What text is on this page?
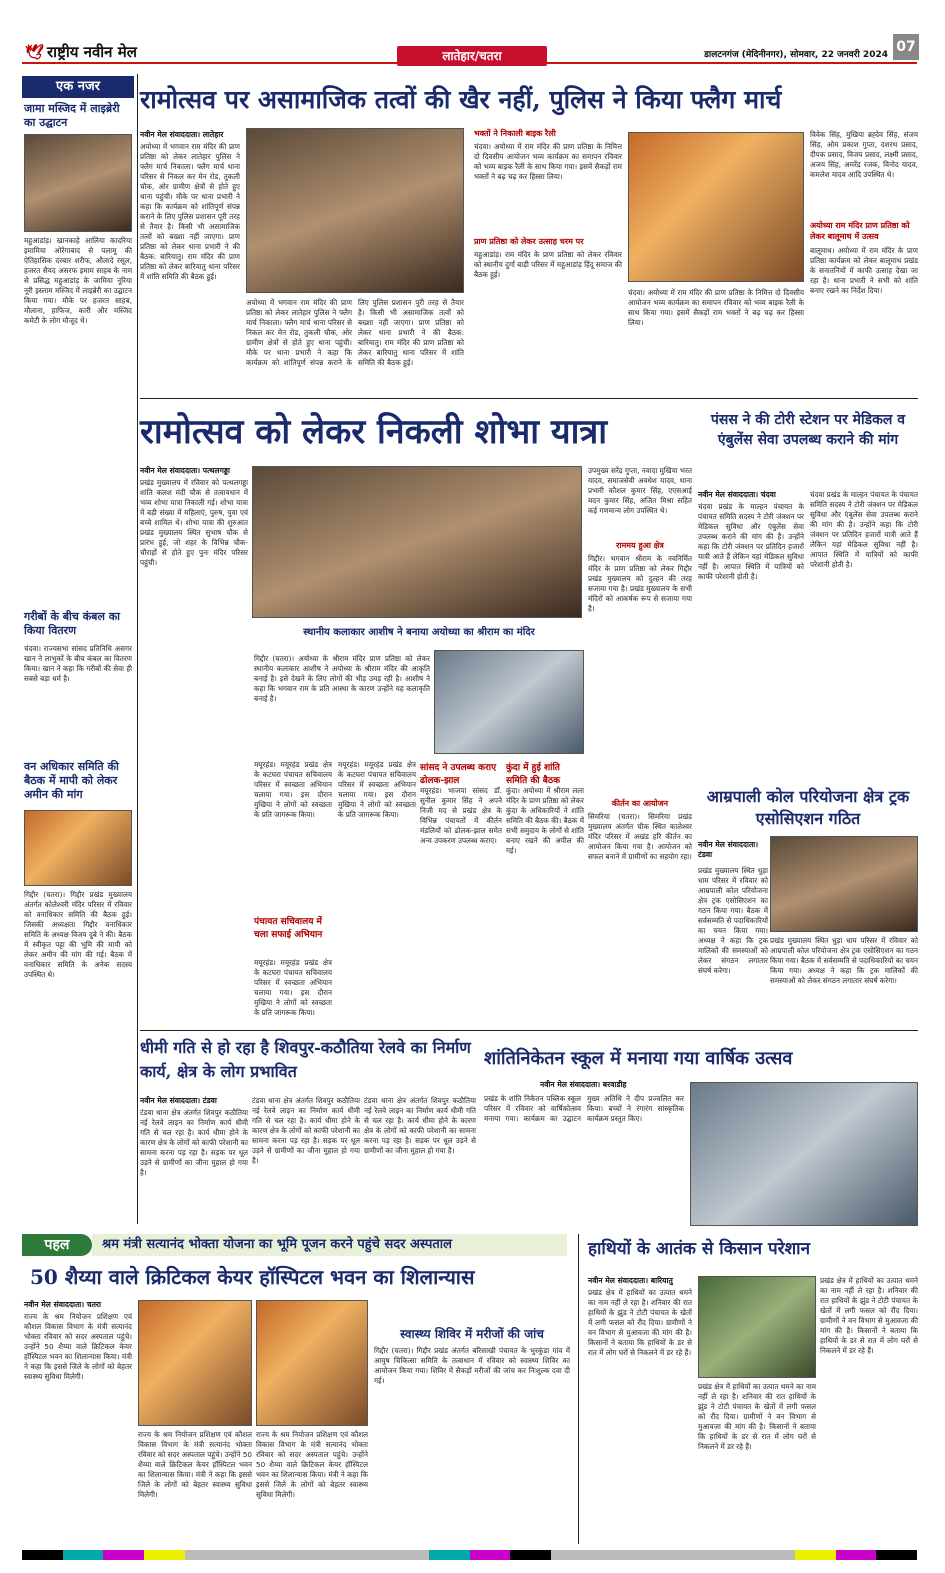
🕊 राष्ट्रीय नवीन मेल	लातेहार/चतरा	डालटनगंज (मेदिनीनगर), सोमवार, 22 जनवरी 2024 07
एक नजर
जामा मस्जिद में लाइब्रेरी का उद्घाटन
महुआडांड़। खानकाहे आलिया कादरिया इमामिया ओरेंगाबाद से पलामू की ऐतिहासिक दरबार शरीफ, औलादे रसूल, हजरत सैयद असरफ इमाम साहब के नाम से प्रसिद्ध महुआडांड़ के जामिया नूरिया नूरी इस्लाम मस्जिद में लाइब्रेरी का उद्घाटन किया गया। मौके पर हजरत साहब, मौलाना, हाफिज, कारी और मस्जिद कमेटी के लोग मौजूद थे।
गरीबों के बीच कंबल का किया वितरण
चंदवा। राज्यसभा सांसद प्रतिनिधि असगर खान ने लाभुकों के बीच कंबल का वितरण किया। खान ने कहा कि गरीबों की सेवा ही सबसे बड़ा धर्म है।
वन अधिकार समिति की बैठक में मापी को लेकर अमीन की मांग
गिद्दौर (चतरा)। गिद्दौर प्रखंड मुख्यालय अंतर्गत कोलेश्वरी मंदिर परिसर में रविवार को वनाधिकार समिति की बैठक हुई। जिसकी अध्यक्षता गिद्दौर वनाधिकार समिति के अध्यक्ष विजय दुबे ने की। बैठक में स्वीकृत पट्टा की भूमि की मापी को लेकर अमीन की मांग की गई। बैठक में वनाधिकार समिति के अनेक सदस्य उपस्थित थे।
रामोत्सव पर असामाजिक तत्वों की खैर नहीं, पुलिस ने किया फ्लैग मार्च
नवीन मेल संवाददाता। लातेहार
अयोध्या में भगवान राम मंदिर की प्राण प्रतिष्ठा को लेकर लातेहार पुलिस ने फ्लैग मार्च निकाला। फ्लैग मार्च थाना परिसर से निकल कर मेन रोड, तुकली चौक, ओर ग्रामीण क्षेत्रों से होते हुए थाना पहुंची। मौके पर थाना प्रभारी ने कहा कि कार्यक्रम को शांतिपूर्ण संपन्न कराने के लिए पुलिस प्रशासन पूरी तरह से तैयार है। किसी भी असामाजिक तत्वों को बख्शा नहीं जाएगा। प्राण प्रतिष्ठा को लेकर थाना प्रभारी ने की बैठक: बारियातु। राम मंदिर की प्राण प्रतिष्ठा को लेकर बारियातु थाना परिसर में शांति समिति की बैठक हुई।
अयोध्या में भगवान राम मंदिर की प्राण प्रतिष्ठा को लेकर लातेहार पुलिस ने फ्लैग मार्च निकाला। फ्लैग मार्च थाना परिसर से निकल कर मेन रोड, तुकली चौक, ओर ग्रामीण क्षेत्रों से होते हुए थाना पहुंची। मौके पर थाना प्रभारी ने कहा कि कार्यक्रम को शांतिपूर्ण संपन्न कराने के लिए पुलिस प्रशासन पूरी तरह से तैयार है। किसी भी असामाजिक तत्वों को बख्शा नहीं जाएगा। प्राण प्रतिष्ठा को लेकर थाना प्रभारी ने की बैठक: बारियातु। राम मंदिर की प्राण प्रतिष्ठा को लेकर बारियातु थाना परिसर में शांति समिति की बैठक हुई।
भक्तों ने निकाली बाइक रैली
चंदवा। अयोध्या में राम मंदिर की प्राण प्रतिष्ठा के निमित्त दो दिवसीय आयोजन भव्य कार्यक्रम का समापन रविवार को भव्य बाइक रैली के साथ किया गया। इसमें सैकड़ों राम भक्तों ने बढ़ चढ़ कर हिस्सा लिया।
प्राण प्रतिष्ठा को लेकर उत्साह चरम पर
महुआडांड़। राम मंदिर के प्राण प्रतिष्ठा को लेकर रविवार को स्थानीय दुर्गा बाड़ी परिसर में महुआडांड़ हिंदू समाज की बैठक हुई।
चंदवा। अयोध्या में राम मंदिर की प्राण प्रतिष्ठा के निमित्त दो दिवसीय आयोजन भव्य कार्यक्रम का समापन रविवार को भव्य बाइक रैली के साथ किया गया। इसमें सैकड़ों राम भक्तों ने बढ़ चढ़ कर हिस्सा लिया।
विवेक सिंह, मुखिया ब्रह्देव सिंह, संजय सिंह, ओम प्रकाश गुप्ता, दशरथ प्रसाद, दीपक प्रसाद, विजय प्रसाद, लक्ष्मी प्रसाद, अजय सिंह, अमरेंद्र रजक, विनोद यादव, कमलेश यादव आदि उपस्थित थे।
अयोध्या राम मंदिर प्राण प्रतिष्ठा को लेकर बालूमाथ में उत्सव
बालूमाथ। अयोध्या में राम मंदिर के प्राण प्रतिष्ठा कार्यक्रम को लेकर बालूमाथ प्रखंड के सनातनियों में काफी उत्साह देखा जा रहा है। थाना प्रभारी ने सभी को शांति बनाए रखने का निर्देश दिया।
रामोत्सव को लेकर निकली शोभा यात्रा
नवीन मेल संवाददाता। पत्थलगड्डा
प्रखंड मुख्यालय में रविवार को पत्थलगड्डा शांति कलश मंदी चौक से तत्वावधान में भव्य शोभा यात्रा निकाली गई। शोभा यात्रा में बड़ी संख्या में महिलाएं, पुरुष, युवा एवं बच्चे शामिल थे। शोभा यात्रा की शुरुआत प्रखंड मुख्यालय स्थित सुभाष चौक से प्रारंभ हुई, जो शहर के विभिन्न चौक-चौराहों से होते हुए पुनः मंदिर परिसर पहुंची।
उपमुख्य सरेंद्र गुप्ता, नवादा मुखिया भरत यादव, समाजसेवी अवधेश यादव, थाना प्रभारी कौशल कुमार सिंह, एएसआई मदन कुमार सिंह, अजित मिश्रा सहित कई गणमान्य लोग उपस्थित थे।
राममय हुआ क्षेत्र
गिद्दौर। भगवान श्रीराम के नवनिर्मित मंदिर के प्राण प्रतिष्ठा को लेकर गिद्दौर प्रखंड मुख्यालय को दुल्हन की तरह सजाया गया है। प्रखंड मुख्यालय के सभी मंदिरों को आकर्षक रूप से सजाया गया है।
कीर्तन का आयोजन
सिमरिया (चतरा)। सिमरिया प्रखंड मुख्यालय अंतर्गत चौक स्थित कालेश्वर मंदिर परिसर में अखंड हरि कीर्तन का आयोजन किया गया है। आयोजन को सफल बनाने में ग्रामीणों का सहयोग रहा।
स्थानीय कलाकार आशीष ने बनाया अयोध्या का श्रीराम का मंदिर
गिद्दौर (चतरा)। अयोध्या के श्रीराम मंदिर प्राण प्रतिष्ठा को लेकर स्थानीय कलाकार आशीष ने अयोध्या के श्रीराम मंदिर की आकृति बनाई है। इसे देखने के लिए लोगों की भीड़ उमड़ रही है। आशीष ने कहा कि भगवान राम के प्रति आस्था के कारण उन्होंने यह कलाकृति बनाई है।
मयूरहंड। मयूरहंड प्रखंड क्षेत्र के कटघरा पंचायत सचिवालय परिसर में स्वच्छता अभियान चलाया गया। इस दौरान मुखिया ने लोगों को स्वच्छता के प्रति जागरूक किया।
पंचायत सचिवालय में चला सफाई अभियान
मयूरहंड। मयूरहंड प्रखंड क्षेत्र के कटघरा पंचायत सचिवालय परिसर में स्वच्छता अभियान चलाया गया। इस दौरान मुखिया ने लोगों को स्वच्छता के प्रति जागरूक किया।
मयूरहंड। मयूरहंड प्रखंड क्षेत्र के कटघरा पंचायत सचिवालय परिसर में स्वच्छता अभियान चलाया गया। इस दौरान मुखिया ने लोगों को स्वच्छता के प्रति जागरूक किया।
सांसद ने उपलब्ध कराए ढोलक-झाल
मयूरहंड। भाजपा सांसद डॉ. सुनील कुमार सिंह ने अपने निजी मद से प्रखंड क्षेत्र के विभिन्न पंचायतों में कीर्तन मंडलियों को ढोलक-झाल समेत अन्य उपकरण उपलब्ध कराए।
कुंदा में हुई शांति समिति की बैठक
कुंदा। अयोध्या में श्रीराम लला मंदिर के प्राण प्रतिष्ठा को लेकर कुंदा के अधिकारियों ने शांति समिति की बैठक की। बैठक में सभी समुदाय के लोगों से शांति बनाए रखने की अपील की गई।
पंसस ने की टोरी स्टेशन पर मेडिकल व एंबुलेंस सेवा उपलब्ध कराने की मांग
नवीन मेल संवाददाता। चंदवा
चंदवा प्रखंड के माल्हन पंचायत के पंचायत समिति सदस्य ने टोरी जंक्शन पर मेडिकल सुविधा और एंबुलेंस सेवा उपलब्ध कराने की मांग की है। उन्होंने कहा कि टोरी जंक्शन पर प्रतिदिन हजारों यात्री आते हैं लेकिन यहां मेडिकल सुविधा नहीं है। आपात स्थिति में यात्रियों को काफी परेशानी होती है।
चंदवा प्रखंड के माल्हन पंचायत के पंचायत समिति सदस्य ने टोरी जंक्शन पर मेडिकल सुविधा और एंबुलेंस सेवा उपलब्ध कराने की मांग की है। उन्होंने कहा कि टोरी जंक्शन पर प्रतिदिन हजारों यात्री आते हैं लेकिन यहां मेडिकल सुविधा नहीं है। आपात स्थिति में यात्रियों को काफी परेशानी होती है।
आम्रपाली कोल परियोजना क्षेत्र ट्रक एसोसिएशन गठित
नवीन मेल संवाददाता। टंडवा
प्रखंड मुख्यालय स्थित धुड़ा धाम परिसर में रविवार को आम्रपाली कोल परियोजना क्षेत्र ट्रक एसोसिएशन का गठन किया गया। बैठक में सर्वसम्मति से पदाधिकारियों का चयन किया गया। अध्यक्ष ने कहा कि ट्रक मालिकों की समस्याओं को लेकर संगठन लगातार संघर्ष करेगा।
प्रखंड मुख्यालय स्थित धुड़ा धाम परिसर में रविवार को आम्रपाली कोल परियोजना क्षेत्र ट्रक एसोसिएशन का गठन किया गया। बैठक में सर्वसम्मति से पदाधिकारियों का चयन किया गया। अध्यक्ष ने कहा कि ट्रक मालिकों की समस्याओं को लेकर संगठन लगातार संघर्ष करेगा।
धीमी गति से हो रहा है शिवपुर-कठौतिया रेलवे का निर्माण कार्य, क्षेत्र के लोग प्रभावित
नवीन मेल संवाददाता। टंडवा
टंडवा थाना क्षेत्र अंतर्गत शिवपुर कठौतिया नई रेलवे लाइन का निर्माण कार्य धीमी गति से चल रहा है। कार्य धीमा होने के कारण क्षेत्र के लोगों को काफी परेशानी का सामना करना पड़ रहा है। सड़क पर धूल उड़ने से ग्रामीणों का जीना मुहाल हो गया है।
टंडवा थाना क्षेत्र अंतर्गत शिवपुर कठौतिया नई रेलवे लाइन का निर्माण कार्य धीमी गति से चल रहा है। कार्य धीमा होने के कारण क्षेत्र के लोगों को काफी परेशानी का सामना करना पड़ रहा है। सड़क पर धूल उड़ने से ग्रामीणों का जीना मुहाल हो गया है।
टंडवा थाना क्षेत्र अंतर्गत शिवपुर कठौतिया नई रेलवे लाइन का निर्माण कार्य धीमी गति से चल रहा है। कार्य धीमा होने के कारण क्षेत्र के लोगों को काफी परेशानी का सामना करना पड़ रहा है। सड़क पर धूल उड़ने से ग्रामीणों का जीना मुहाल हो गया है।
शांतिनिकेतन स्कूल में मनाया गया वार्षिक उत्सव
नवीन मेल संवाददाता। बरवाडीह
प्रखंड के शांति निकेतन पब्लिक स्कूल परिसर में रविवार को वार्षिकोत्सव मनाया गया। कार्यक्रम का उद्घाटन मुख्य अतिथि ने दीप प्रज्वलित कर किया। बच्चों ने रंगारंग सांस्कृतिक कार्यक्रम प्रस्तुत किए।
पहल	श्रम मंत्री सत्यानंद भोक्ता योजना का भूमि पूजन करने पहुंचे सदर अस्पताल
50 शैय्या वाले क्रिटिकल केयर हॉस्पिटल भवन का शिलान्यास
नवीन मेल संवाददाता। चतरा
राज्य के श्रम नियोजन प्रशिक्षण एवं कौशल विकास विभाग के मंत्री सत्यानंद भोक्ता रविवार को सदर अस्पताल पहुंचे। उन्होंने 50 शैय्या वाले क्रिटिकल केयर हॉस्पिटल भवन का शिलान्यास किया। मंत्री ने कहा कि इससे जिले के लोगों को बेहतर स्वास्थ्य सुविधा मिलेगी।
राज्य के श्रम नियोजन प्रशिक्षण एवं कौशल विकास विभाग के मंत्री सत्यानंद भोक्ता रविवार को सदर अस्पताल पहुंचे। उन्होंने 50 शैय्या वाले क्रिटिकल केयर हॉस्पिटल भवन का शिलान्यास किया। मंत्री ने कहा कि इससे जिले के लोगों को बेहतर स्वास्थ्य सुविधा मिलेगी।
राज्य के श्रम नियोजन प्रशिक्षण एवं कौशल विकास विभाग के मंत्री सत्यानंद भोक्ता रविवार को सदर अस्पताल पहुंचे। उन्होंने 50 शैय्या वाले क्रिटिकल केयर हॉस्पिटल भवन का शिलान्यास किया। मंत्री ने कहा कि इससे जिले के लोगों को बेहतर स्वास्थ्य सुविधा मिलेगी।
स्वास्थ्य शिविर में मरीजों की जांच
गिद्दौर (चतरा)। गिद्दौर प्रखंड अंतर्गत बरिसाखी पंचायत के भुरकुंडा गांव में आयुष चिकित्सा समिति के तत्वाधान में रविवार को स्वास्थ्य शिविर का आयोजन किया गया। शिविर में सैकड़ों मरीजों की जांच कर निःशुल्क दवा दी गई।
हाथियों के आतंक से किसान परेशान
नवीन मेल संवाददाता। बारियातु
प्रखंड क्षेत्र में हाथियों का उत्पात थमने का नाम नहीं ले रहा है। शनिवार की रात हाथियों के झुंड ने टोटी पंचायत के खेतों में लगी फसल को रौंद दिया। ग्रामीणों ने वन विभाग से मुआवजा की मांग की है। किसानों ने बताया कि हाथियों के डर से रात में लोग घरों से निकलने में डर रहे हैं।
प्रखंड क्षेत्र में हाथियों का उत्पात थमने का नाम नहीं ले रहा है। शनिवार की रात हाथियों के झुंड ने टोटी पंचायत के खेतों में लगी फसल को रौंद दिया। ग्रामीणों ने वन विभाग से मुआवजा की मांग की है। किसानों ने बताया कि हाथियों के डर से रात में लोग घरों से निकलने में डर रहे हैं।
प्रखंड क्षेत्र में हाथियों का उत्पात थमने का नाम नहीं ले रहा है। शनिवार की रात हाथियों के झुंड ने टोटी पंचायत के खेतों में लगी फसल को रौंद दिया। ग्रामीणों ने वन विभाग से मुआवजा की मांग की है। किसानों ने बताया कि हाथियों के डर से रात में लोग घरों से निकलने में डर रहे हैं।
